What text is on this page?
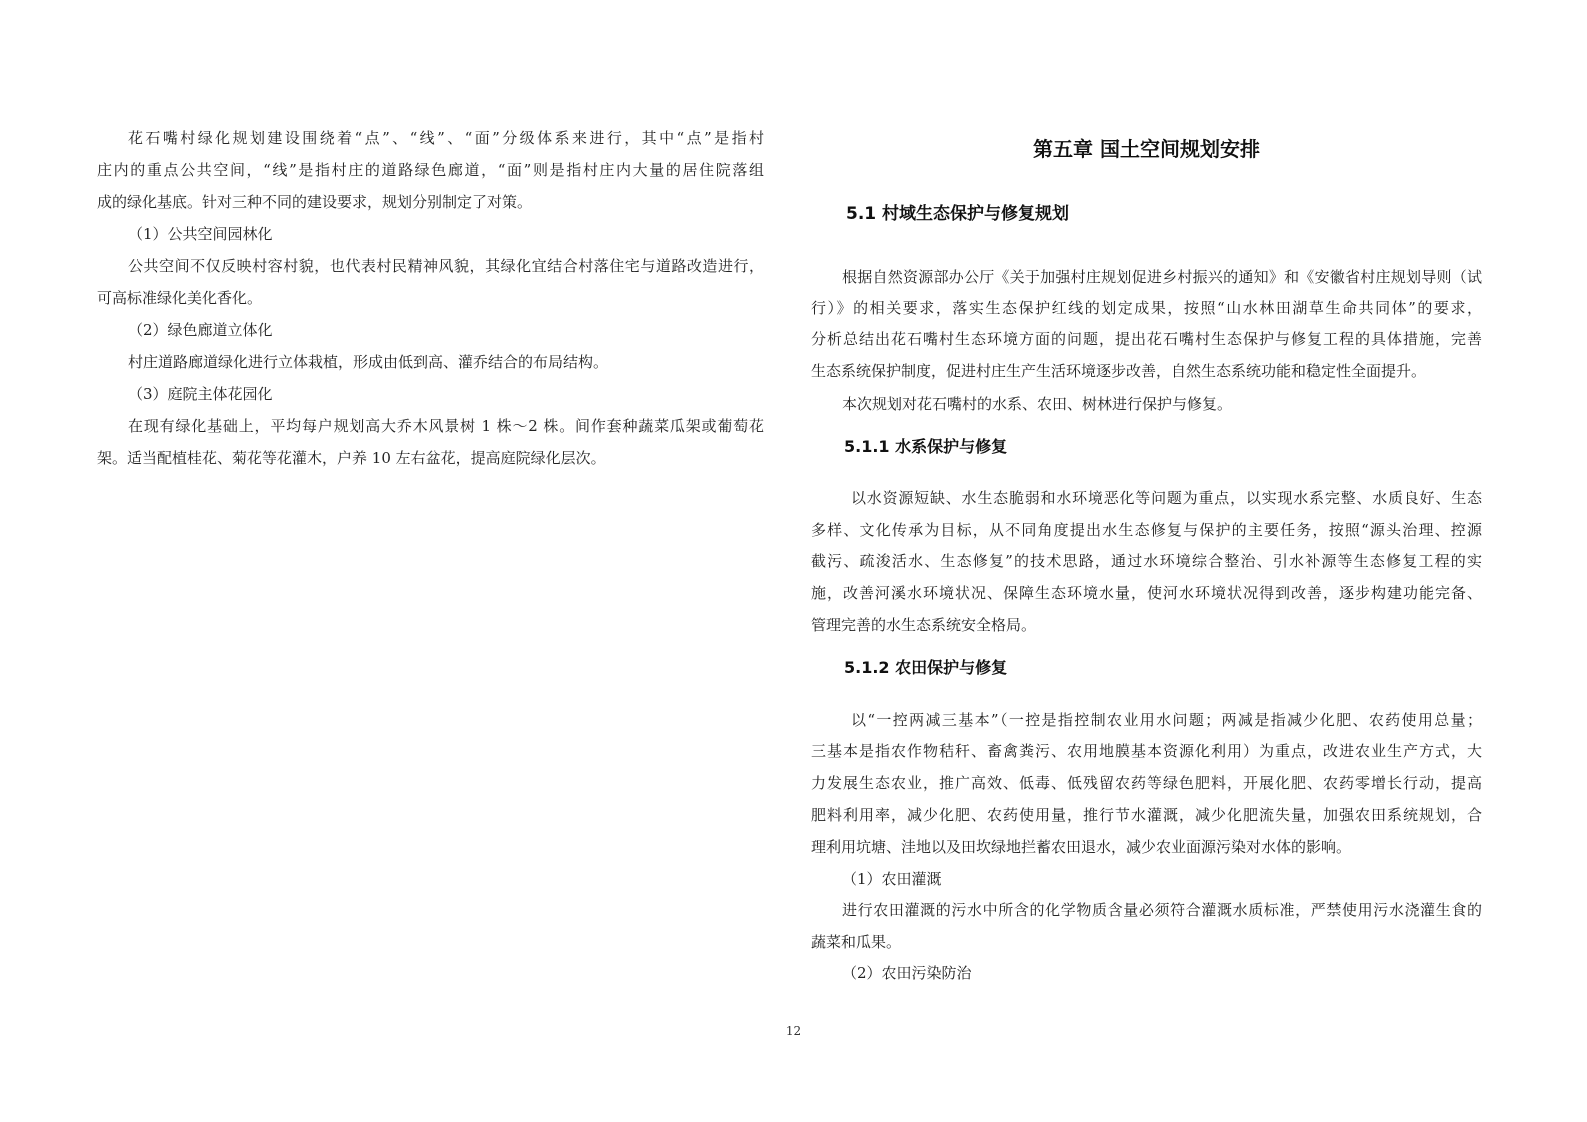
花石嘴村绿化规划建设围绕着“点”、“线”、“面”分级体系来进行，其中“点”是指村
庄内的重点公共空间，“线”是指村庄的道路绿色廊道，“面”则是指村庄内大量的居住院落组
成的绿化基底。针对三种不同的建设要求，规划分别制定了对策。
（1）公共空间园林化
公共空间不仅反映村容村貌，也代表村民精神风貌，其绿化宜结合村落住宅与道路改造进行，
可高标准绿化美化香化。
（2）绿色廊道立体化
村庄道路廊道绿化进行立体栽植，形成由低到高、灌乔结合的布局结构。
（3）庭院主体花园化
在现有绿化基础上，平均每户规划高大乔木风景树 1 株～2 株。间作套种蔬菜瓜架或葡萄花
架。适当配植桂花、菊花等花灌木，户养 10 左右盆花，提高庭院绿化层次。
第五章 国土空间规划安排
5.1 村域生态保护与修复规划
根据自然资源部办公厅《关于加强村庄规划促进乡村振兴的通知》和《安徽省村庄规划导则（试
行）》的相关要求，落实生态保护红线的划定成果，按照“山水林田湖草生命共同体”的要求，
分析总结出花石嘴村生态环境方面的问题，提出花石嘴村生态保护与修复工程的具体措施，完善
生态系统保护制度，促进村庄生产生活环境逐步改善，自然生态系统功能和稳定性全面提升。
本次规划对花石嘴村的水系、农田、树林进行保护与修复。
5.1.1 水系保护与修复
以水资源短缺、水生态脆弱和水环境恶化等问题为重点，以实现水系完整、水质良好、生态
多样、文化传承为目标，从不同角度提出水生态修复与保护的主要任务，按照“源头治理、控源
截污、疏浚活水、生态修复”的技术思路，通过水环境综合整治、引水补源等生态修复工程的实
施，改善河溪水环境状况、保障生态环境水量，使河水环境状况得到改善，逐步构建功能完备、
管理完善的水生态系统安全格局。
5.1.2 农田保护与修复
以“一控两减三基本”（一控是指控制农业用水问题；两减是指减少化肥、农药使用总量；
三基本是指农作物秸秆、畜禽粪污、农用地膜基本资源化利用）为重点，改进农业生产方式，大
力发展生态农业，推广高效、低毒、低残留农药等绿色肥料，开展化肥、农药零增长行动，提高
肥料利用率，减少化肥、农药使用量，推行节水灌溉，减少化肥流失量，加强农田系统规划，合
理利用坑塘、洼地以及田坎绿地拦蓄农田退水，减少农业面源污染对水体的影响。
（1）农田灌溉
进行农田灌溉的污水中所含的化学物质含量必须符合灌溉水质标准，严禁使用污水浇灌生食的
蔬菜和瓜果。
（2）农田污染防治
12
